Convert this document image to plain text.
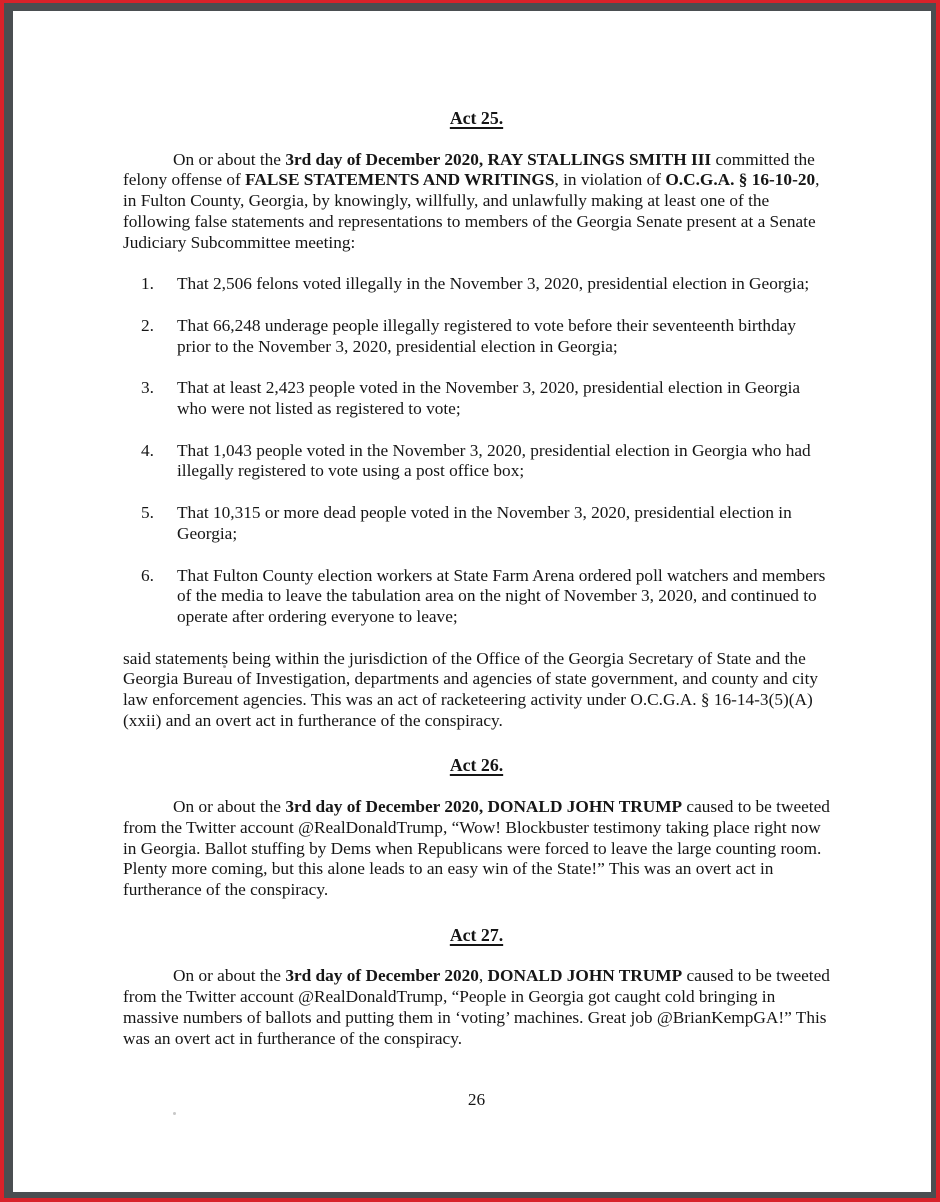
Act 25.

On or about the 3rd day of December 2020, RAY STALLINGS SMITH III committed the felony offense of FALSE STATEMENTS AND WRITINGS, in violation of O.C.G.A. § 16-10-20, in Fulton County, Georgia, by knowingly, willfully, and unlawfully making at least one of the following false statements and representations to members of the Georgia Senate present at a Senate Judiciary Subcommittee meeting:

1. That 2,506 felons voted illegally in the November 3, 2020, presidential election in Georgia;
2. That 66,248 underage people illegally registered to vote before their seventeenth birthday prior to the November 3, 2020, presidential election in Georgia;
3. That at least 2,423 people voted in the November 3, 2020, presidential election in Georgia who were not listed as registered to vote;
4. That 1,043 people voted in the November 3, 2020, presidential election in Georgia who had illegally registered to vote using a post office box;
5. That 10,315 or more dead people voted in the November 3, 2020, presidential election in Georgia;
6. That Fulton County election workers at State Farm Arena ordered poll watchers and members of the media to leave the tabulation area on the night of November 3, 2020, and continued to operate after ordering everyone to leave;

said statements being within the jurisdiction of the Office of the Georgia Secretary of State and the Georgia Bureau of Investigation, departments and agencies of state government, and county and city law enforcement agencies. This was an act of racketeering activity under O.C.G.A. § 16-14-3(5)(A)(xxii) and an overt act in furtherance of the conspiracy.

Act 26.

On or about the 3rd day of December 2020, DONALD JOHN TRUMP caused to be tweeted from the Twitter account @RealDonaldTrump, “Wow! Blockbuster testimony taking place right now in Georgia. Ballot stuffing by Dems when Republicans were forced to leave the large counting room. Plenty more coming, but this alone leads to an easy win of the State!” This was an overt act in furtherance of the conspiracy.

Act 27.

On or about the 3rd day of December 2020, DONALD JOHN TRUMP caused to be tweeted from the Twitter account @RealDonaldTrump, “People in Georgia got caught cold bringing in massive numbers of ballots and putting them in ‘voting’ machines. Great job @BrianKempGA!” This was an overt act in furtherance of the conspiracy.

26
